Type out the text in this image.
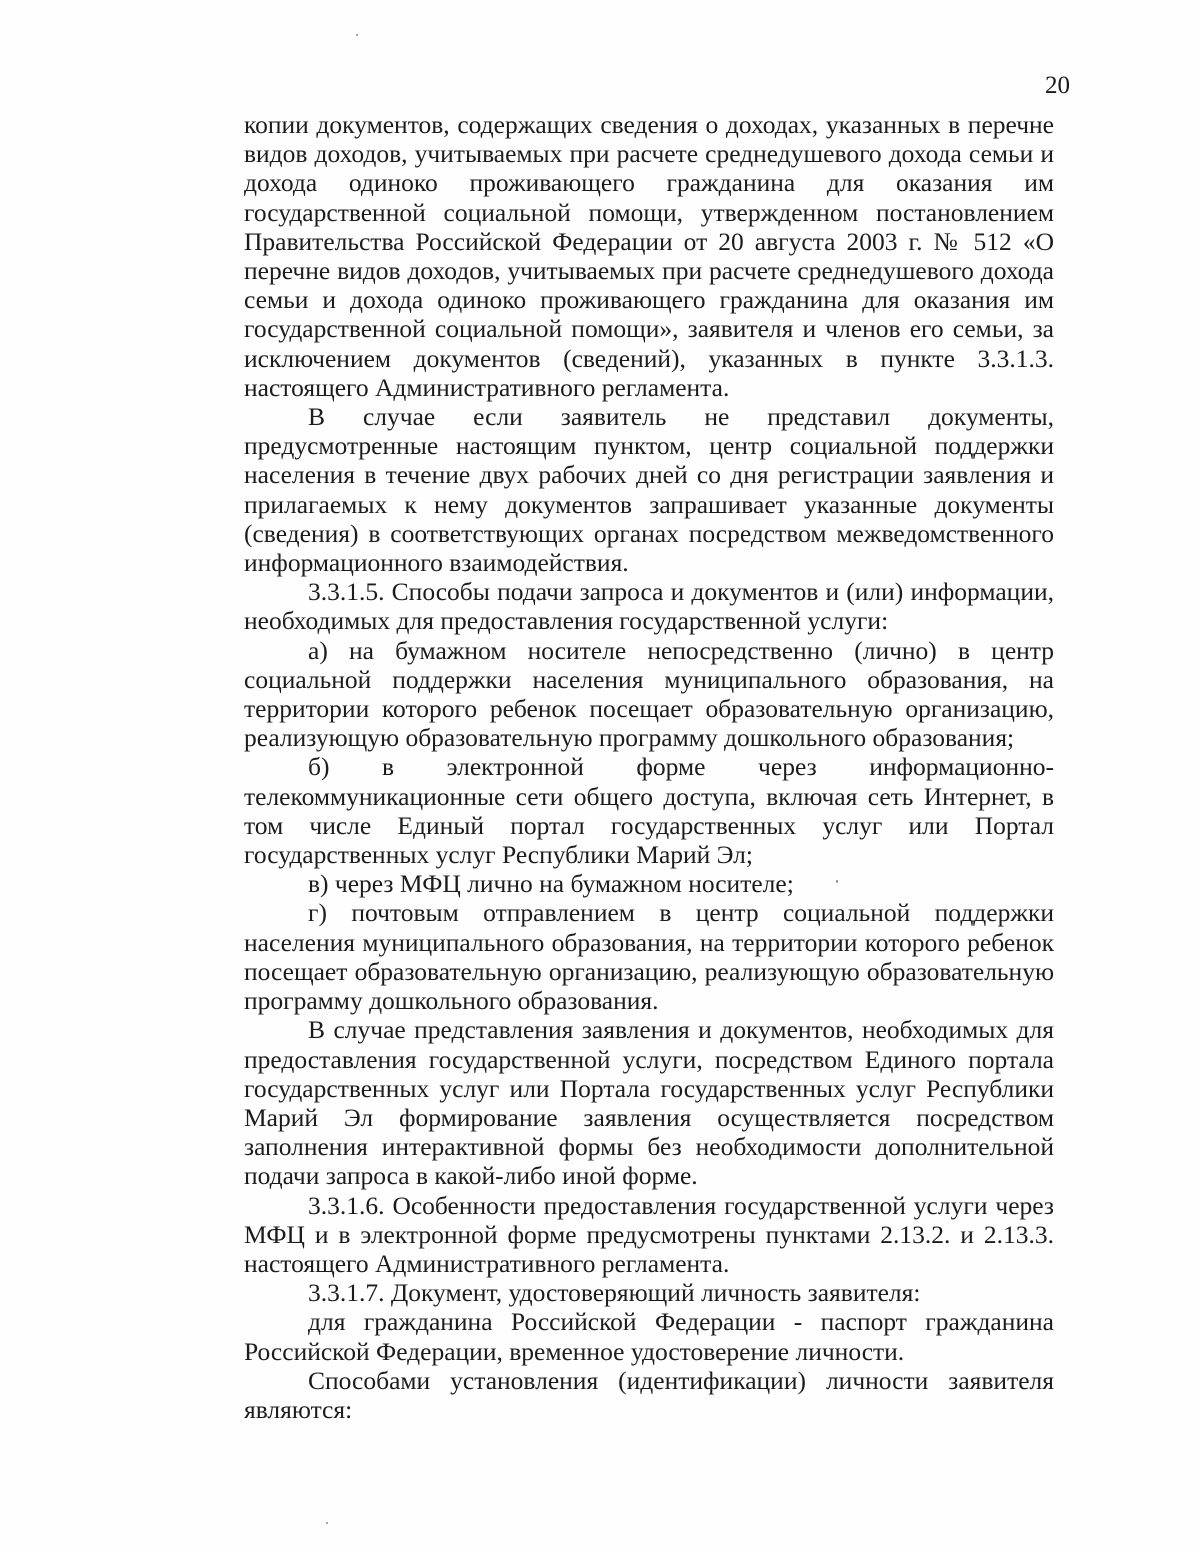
20

копии документов, содержащих сведения о доходах, указанных в перечне видов доходов, учитываемых при расчете среднедушевого дохода семьи и дохода одиноко проживающего гражданина для оказания им государственной социальной помощи, утвержденном постановлением Правительства Российской Федерации от 20 августа 2003 г. № 512 «О перечне видов доходов, учитываемых при расчете среднедушевого дохода семьи и дохода одиноко проживающего гражданина для оказания им государственной социальной помощи», заявителя и членов его семьи, за исключением документов (сведений), указанных в пункте 3.3.1.3. настоящего Административного регламента.

В случае если заявитель не представил документы, предусмотренные настоящим пунктом, центр социальной поддержки населения в течение двух рабочих дней со дня регистрации заявления и прилагаемых к нему документов запрашивает указанные документы (сведения) в соответствующих органах посредством межведомственного информационного взаимодействия.

3.3.1.5. Способы подачи запроса и документов и (или) информации, необходимых для предоставления государственной услуги:

а) на бумажном носителе непосредственно (лично) в центр социальной поддержки населения муниципального образования, на территории которого ребенок посещает образовательную организацию, реализующую образовательную программу дошкольного образования;

б) в электронной форме через информационно-телекоммуникационные сети общего доступа, включая сеть Интернет, в том числе Единый портал государственных услуг или Портал государственных услуг Республики Марий Эл;

в) через МФЦ лично на бумажном носителе;

г) почтовым отправлением в центр социальной поддержки населения муниципального образования, на территории которого ребенок посещает образовательную организацию, реализующую образовательную программу дошкольного образования.

В случае представления заявления и документов, необходимых для предоставления государственной услуги, посредством Единого портала государственных услуг или Портала государственных услуг Республики Марий Эл формирование заявления осуществляется посредством заполнения интерактивной формы без необходимости дополнительной подачи запроса в какой-либо иной форме.

3.3.1.6. Особенности предоставления государственной услуги через МФЦ и в электронной форме предусмотрены пунктами 2.13.2. и 2.13.3. настоящего Административного регламента.

3.3.1.7. Документ, удостоверяющий личность заявителя:

для гражданина Российской Федерации - паспорт гражданина Российской Федерации, временное удостоверение личности.

Способами установления (идентификации) личности заявителя являются:
